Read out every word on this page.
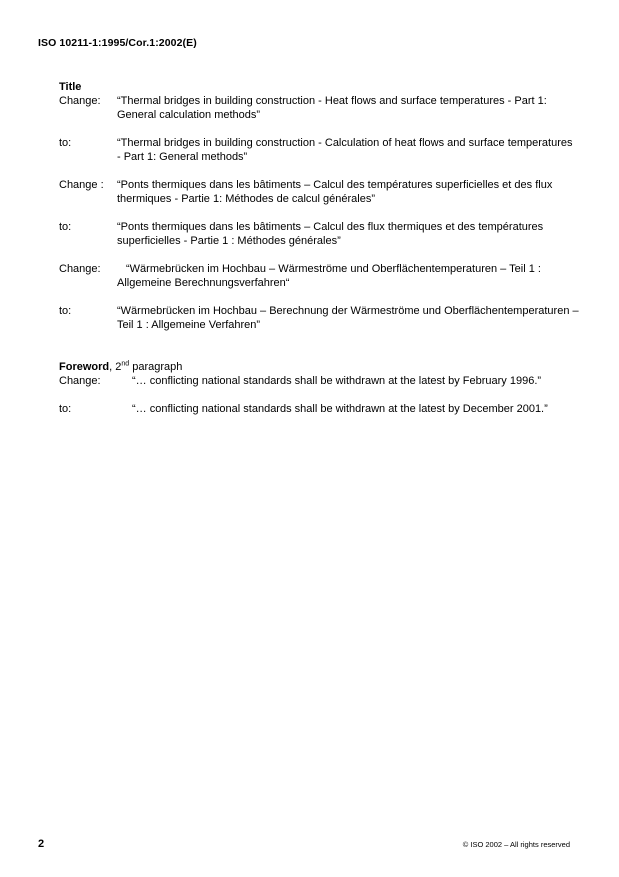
ISO 10211-1:1995/Cor.1:2002(E)
Title
Change:	“Thermal bridges in building construction - Heat flows and surface temperatures - Part 1: General calculation methods”
to:	“Thermal bridges in building construction - Calculation of heat flows and surface temperatures - Part 1: General methods”
Change :	“Ponts thermiques dans les bâtiments – Calcul des températures superficielles et des flux thermiques - Partie 1: Méthodes de calcul générales”
to:	“Ponts thermiques dans les bâtiments – Calcul des flux thermiques et des températures superficielles - Partie 1 : Méthodes générales”
Change:	“Wärmebrücken im Hochbau – Wärmeströme und Oberflächentemperaturen – Teil 1 : Allgemeine Berechnungsverfahren“
to:	“Wärmebrücken im Hochbau – Berechnung der Wärmeströme und Oberflächentemperaturen – Teil 1 : Allgemeine Verfahren”
Foreword, 2nd paragraph
Change:	“… conflicting national standards shall be withdrawn at the latest by February 1996.”
to:	“… conflicting national standards shall be withdrawn at the latest by December 2001.”
2	© ISO 2002 – All rights reserved
